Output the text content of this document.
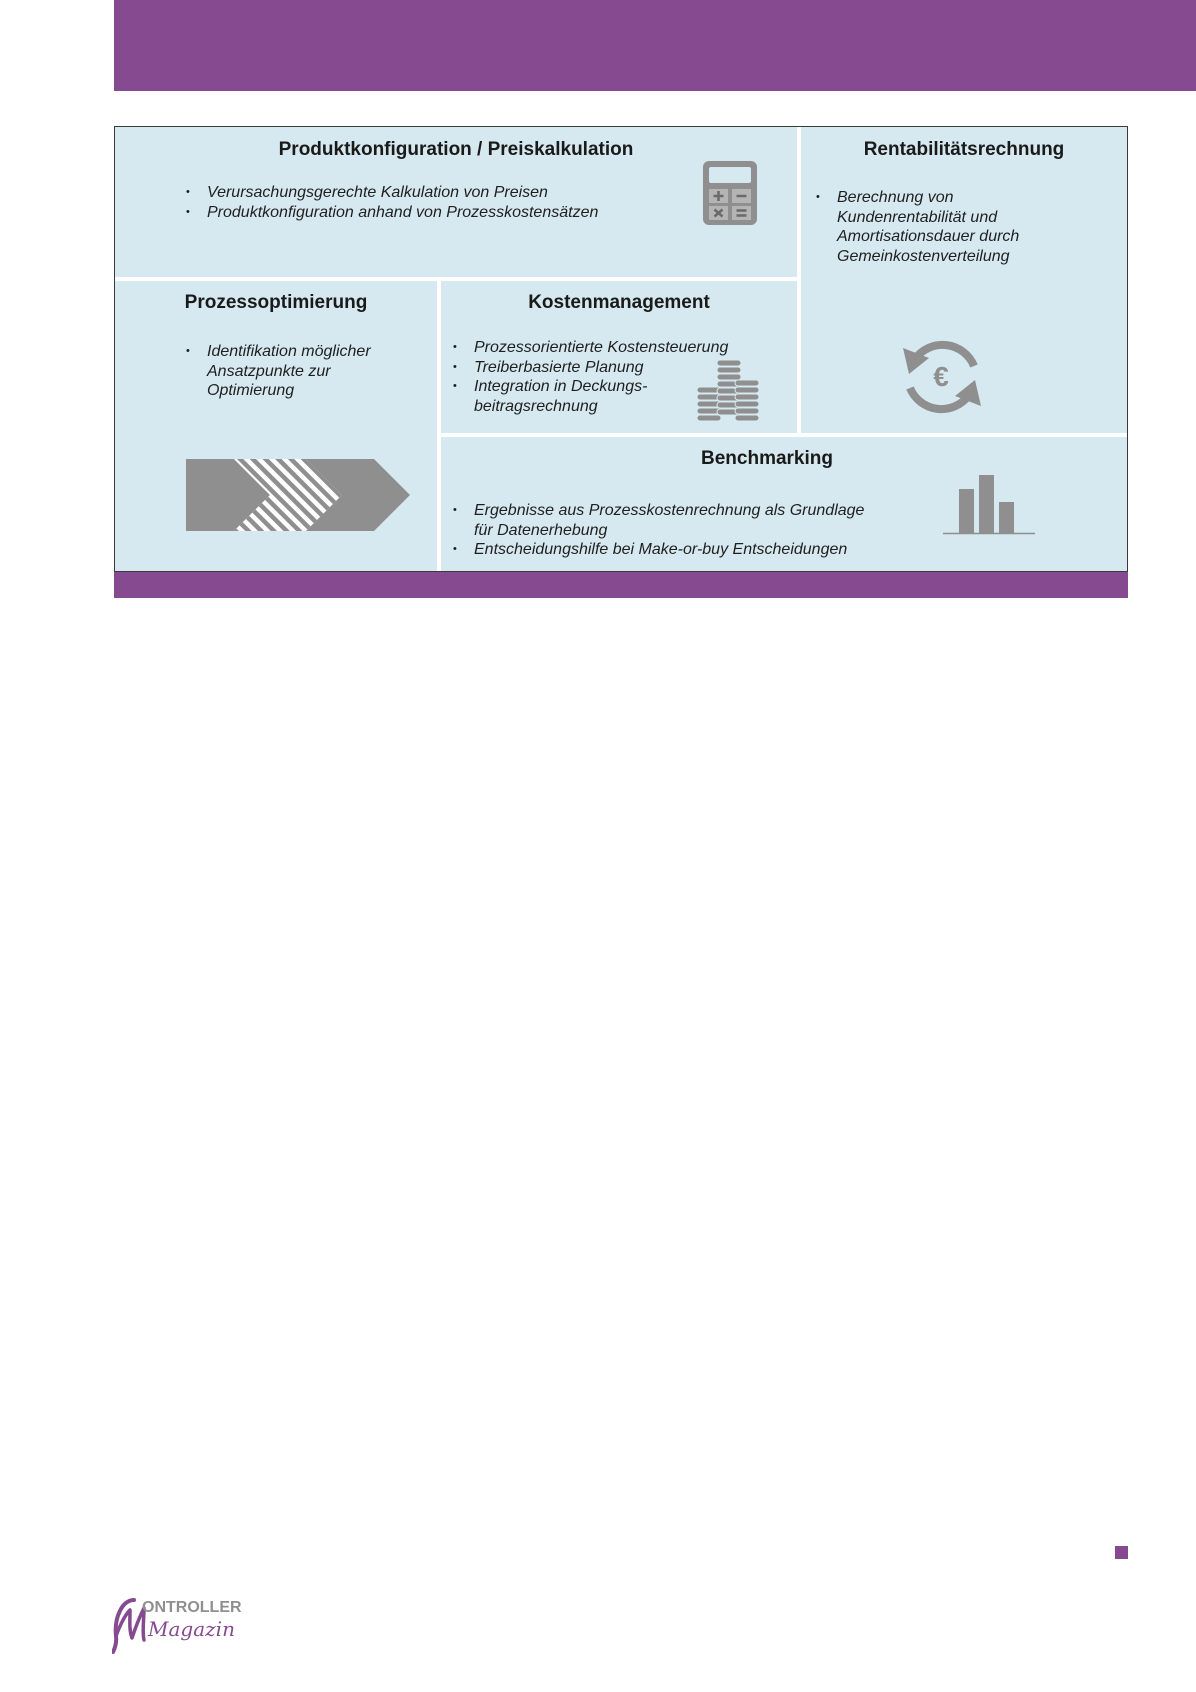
Produktkonfiguration / Preiskalkulation
• Verursachungsgerechte Kalkulation von Preisen
• Produktkonfiguration anhand von Prozesskostensätzen
Rentabilitätsrechnung
• Berechnung von Kundenrentabilität und Amortisationsdauer durch Gemeinkostenverteilung
€
Prozessoptimierung
• Identifikation möglicher Ansatzpunkte zur Optimierung
Kostenmanagement
• Prozessorientierte Kostensteuerung
• Treiberbasierte Planung
• Integration in Deckungs-beitragsrechnung
Benchmarking
• Ergebnisse aus Prozesskostenrechnung als Grundlage für Datenerhebung
• Entscheidungshilfe bei Make-or-buy Entscheidungen
ONTROLLER
Magazin
